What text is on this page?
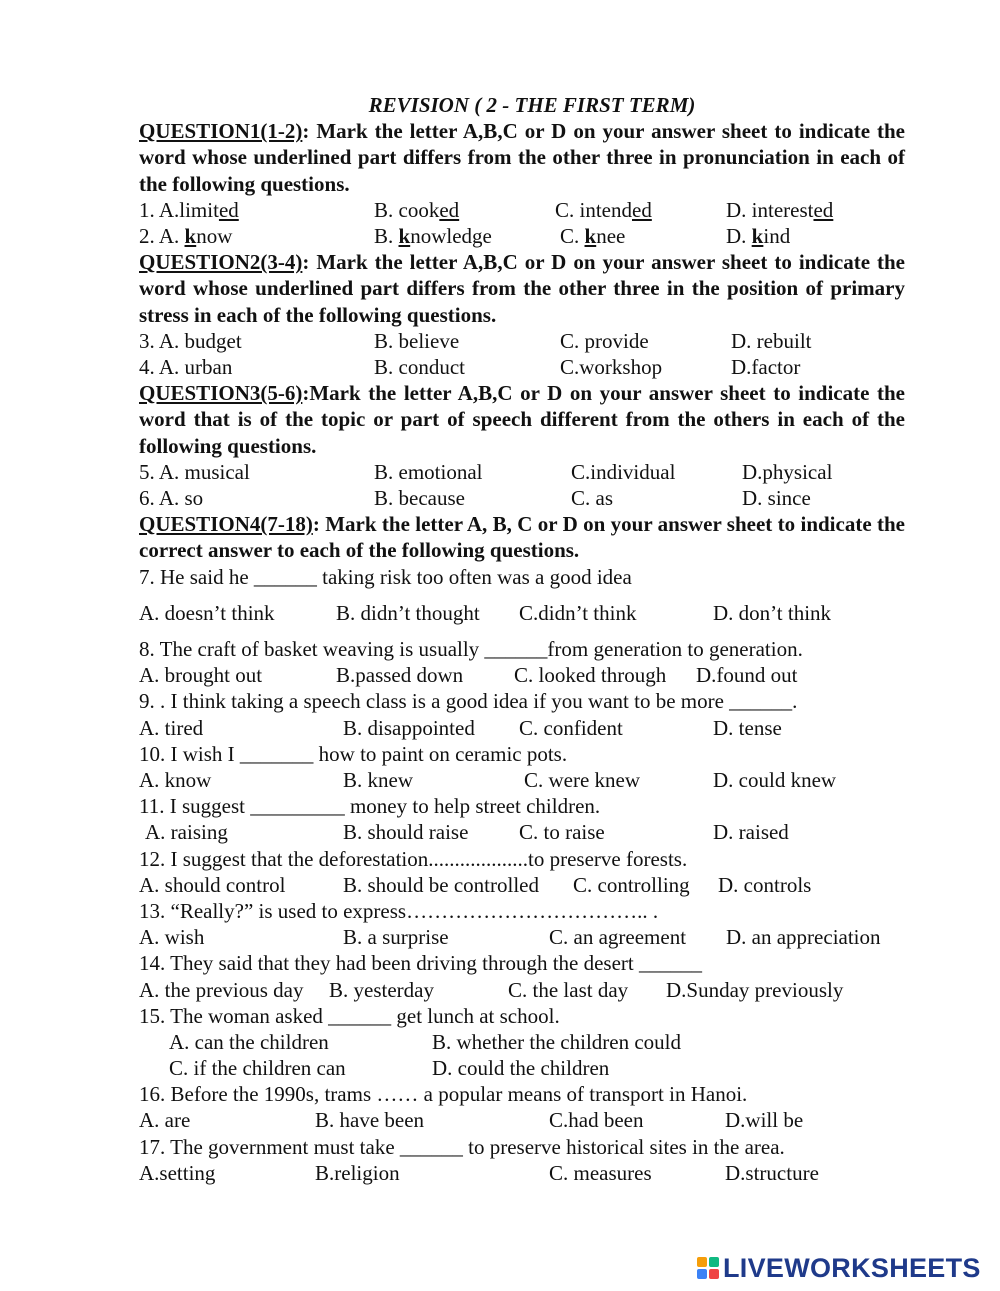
REVISION ( 2 - THE FIRST TERM)
QUESTION1(1-2): Mark the letter A,B,C or D on your answer sheet to indicate the word whose underlined part differs from the other three in pronunciation in each of the following questions.
1. A.limited	B. cooked	C. intended	D. interested
2. A. know	B. knowledge	C. knee	D. kind
QUESTION2(3-4): Mark the letter A,B,C or D on your answer sheet to indicate the word whose underlined part differs from the other three in the position of primary stress in each of the following questions.
3. A. budget	B. believe	C. provide	D. rebuilt
4. A. urban	B. conduct	C.workshop	D.factor
QUESTION3(5-6):Mark the letter A,B,C or D on your answer sheet to indicate the word that is of the topic or part of speech different from the others in each of the following questions.
5. A. musical	B. emotional	C.individual	D.physical
6. A. so	B. because	C. as	D. since
QUESTION4(7-18): Mark the letter A, B, C or D on your answer sheet to indicate the correct answer to each of the following questions.
7. He said he ______ taking risk too often was a good idea
A. doesn’t think	B. didn’t thought C.didn’t think	D. don’t think
8. The craft of basket weaving is usually ______from generation to generation.
A. brought out	B.passed down C. looked through D.found out
9. . I think taking a speech class is a good idea if you want to be more ______.
A. tired	B. disappointed C. confident	D. tense
10. I wish I _______ how to paint on ceramic pots.
A. know	B. knew	C. were knew	D. could knew
11. I suggest _________ money to help street children.
A. raising	B. should raise C. to raise	D. raised
12. I suggest that the deforestation...................to preserve forests.
A. should control	B. should be controlled C. controlling D. controls
13. “Really?” is used to express…………………………….. .
A. wish	B. a surprise	C. an agreement D. an appreciation
14. They said that they had been driving through the desert ______
A. the previous day B. yesterday	C. the last day D.Sunday previously
15. The woman asked ______ get lunch at school.
A. can the children	B. whether the children could
C. if the children can	D. could the children
16. Before the 1990s, trams …… a popular means of transport in Hanoi.
A. are	B. have been	C.had been	D.will be
17. The government must take ______ to preserve historical sites in the area.
A.setting	B.religion	C. measures	D.structure
LIVEWORKSHEETS
